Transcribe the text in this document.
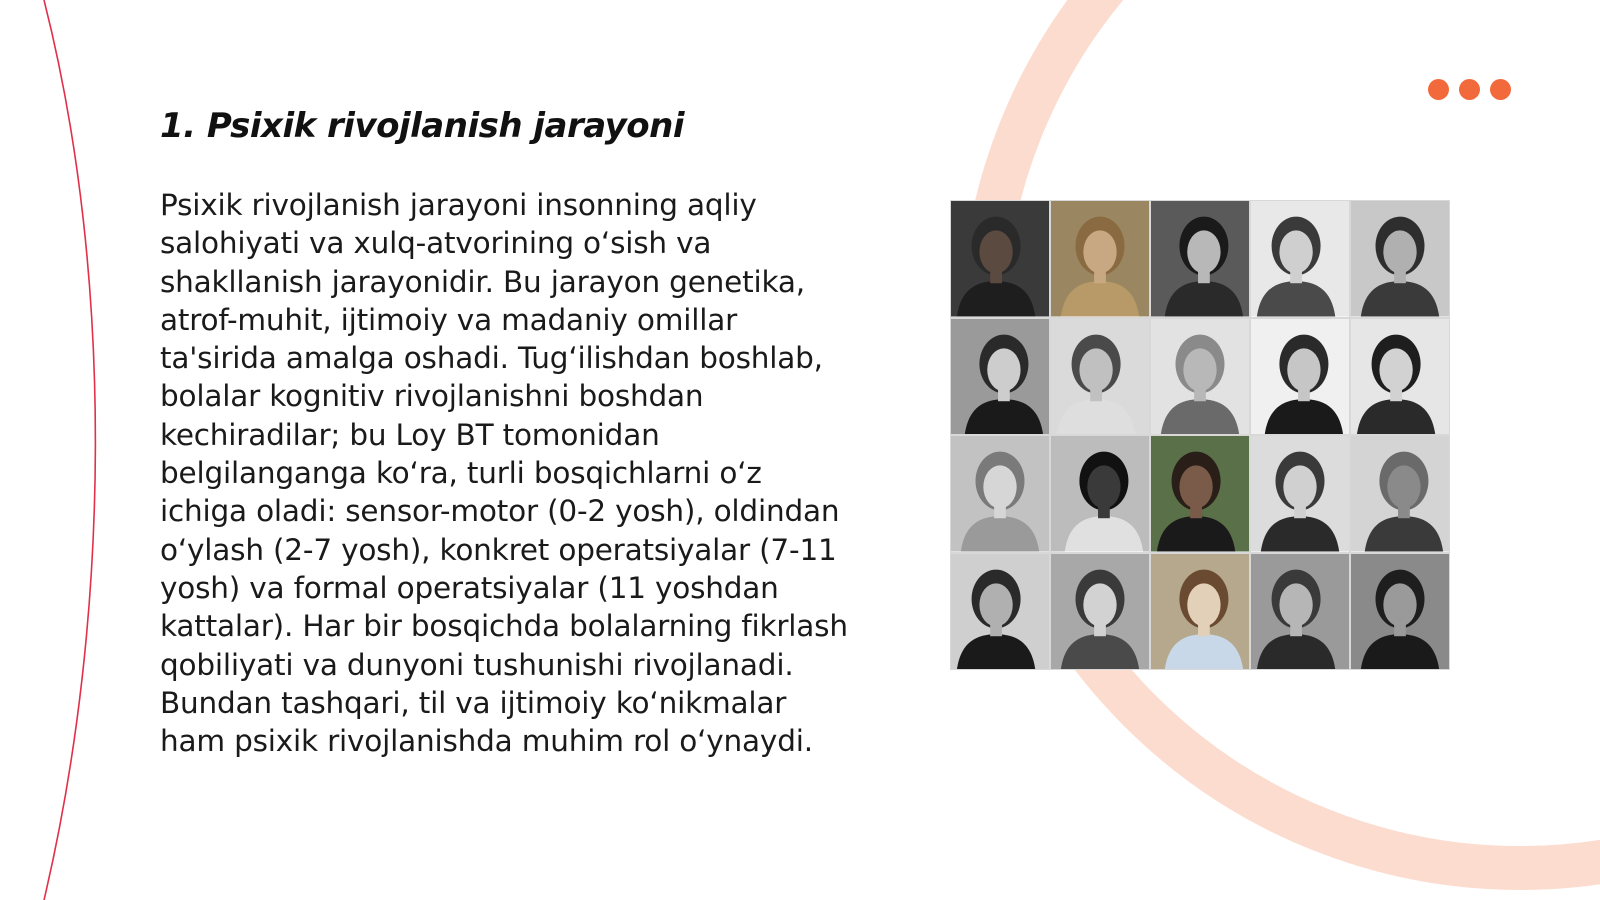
1. Psixik rivojlanish jarayoni

Psixik rivojlanish jarayoni insonning aqliy salohiyati va xulq-atvorining o‘sish va shakllanish jarayonidir. Bu jarayon genetika, atrof-muhit, ijtimoiy va madaniy omillar ta'sirida amalga oshadi. Tug‘ilishdan boshlab, bolalar kognitiv rivojlanishni boshdan kechiradilar; bu Loy BT tomonidan belgilanganga ko‘ra, turli bosqichlarni o‘z ichiga oladi: sensor-motor (0-2 yosh), oldindan o‘ylash (2-7 yosh), konkret operatsiyalar (7-11 yosh) va formal operatsiyalar (11 yoshdan kattalar). Har bir bosqichda bolalarning fikrlash qobiliyati va dunyoni tushunishi rivojlanadi. Bundan tashqari, til va ijtimoiy ko‘nikmalar ham psixik rivojlanishda muhim rol o‘ynaydi.
